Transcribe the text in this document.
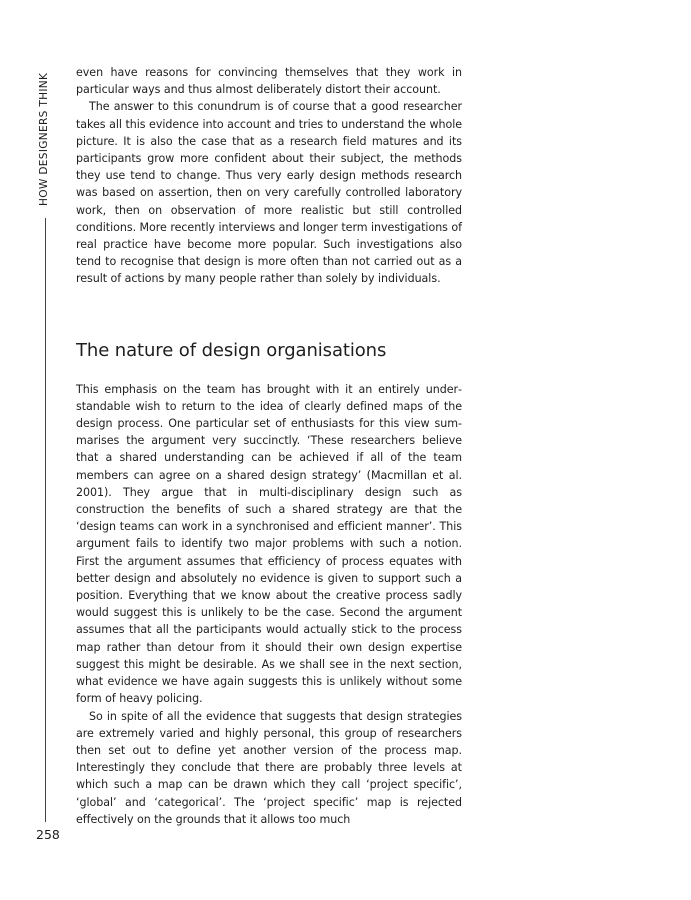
HOW DESIGNERS THINK
258

even have reasons for convincing themselves that they work in particular ways and thus almost deliberately distort their account.

The answer to this conundrum is of course that a good researcher takes all this evidence into account and tries to understand the whole picture. It is also the case that as a research field matures and its participants grow more confident about their subject, the methods they use tend to change. Thus very early design methods research was based on assertion, then on very carefully controlled laboratory work, then on observation of more realistic but still controlled conditions. More recently interviews and longer term investigations of real practice have become more popular. Such investigations also tend to recognise that design is more often than not carried out as a result of actions by many people rather than solely by individuals.

The nature of design organisations

This emphasis on the team has brought with it an entirely understandable wish to return to the idea of clearly defined maps of the design process. One particular set of enthusiasts for this view summarises the argument very succinctly. ‘These researchers believe that a shared understanding can be achieved if all of the team members can agree on a shared design strategy’ (Macmillan et al. 2001). They argue that in multi-disciplinary design such as construction the benefits of such a shared strategy are that the ‘design teams can work in a synchronised and efficient manner’. This argument fails to identify two major problems with such a notion. First the argument assumes that efficiency of process equates with better design and absolutely no evidence is given to support such a position. Everything that we know about the creative process sadly would suggest this is unlikely to be the case. Second the argument assumes that all the participants would actually stick to the process map rather than detour from it should their own design expertise suggest this might be desirable. As we shall see in the next section, what evidence we have again suggests this is unlikely without some form of heavy policing.

So in spite of all the evidence that suggests that design strategies are extremely varied and highly personal, this group of researchers then set out to define yet another version of the process map. Interestingly they conclude that there are probably three levels at which such a map can be drawn which they call ‘project specific’, ‘global’ and ‘categorical’. The ‘project specific’ map is rejected effectively on the grounds that it allows too much
